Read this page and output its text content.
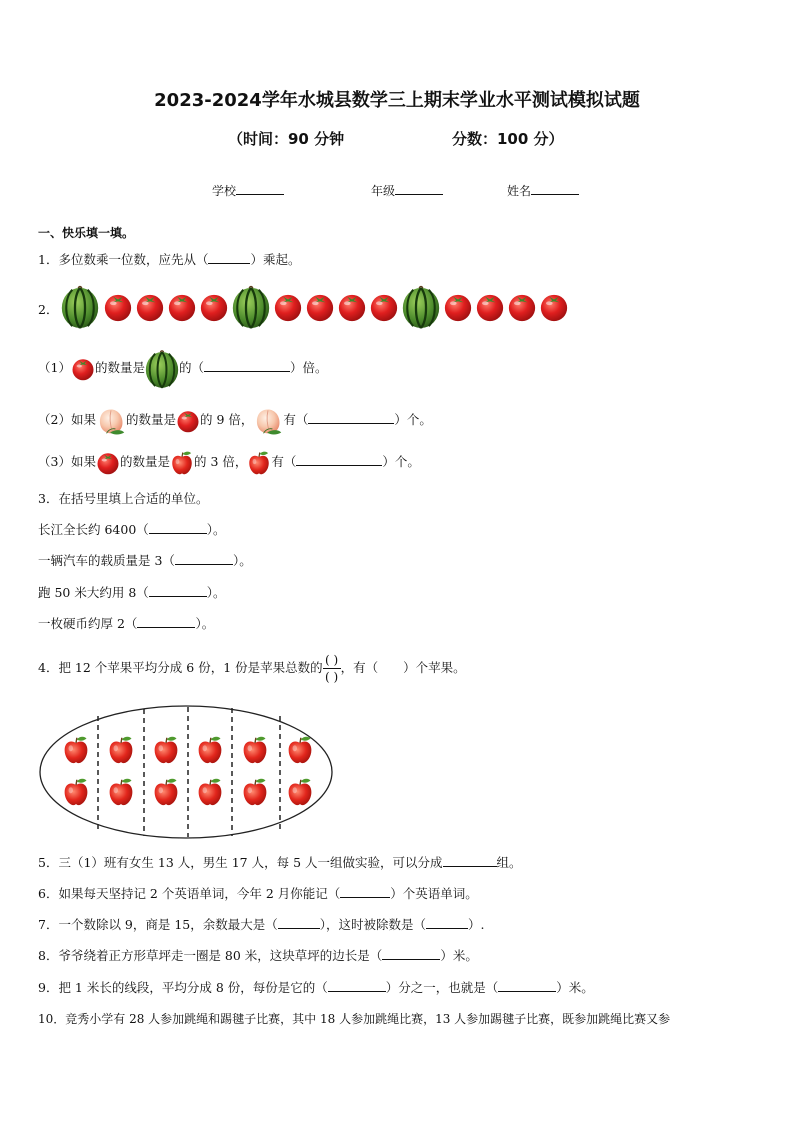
2023-2024学年水城县数学三上期末学业水平测试模拟试题
（时间：90 分钟	分数：100 分）
学校	年级	姓名
一、快乐填一填。
1．多位数乘一位数，应先从（	）乘起。
2．
（1） 的数量是	的（	）倍。
（2）如果 的数量是 的 9 倍， 有（	）个。
（3）如果 的数量是 的 3 倍， 有（	）个。
3．在括号里填上合适的单位。
长江全长约 6400（	）。
一辆汽车的载质量是 3（	）。
跑 50 米大约用 8（	）。
一枚硬币约厚 2（	）。
4．把 12 个苹果平均分成 6 份，1 份是苹果总数的 $\frac{( )}{( )}$ ，有（　　）个苹果。
5．三（1）班有女生 13 人，男生 17 人，每 5 人一组做实验，可以分成	组。
6．如果每天坚持记 2 个英语单词，今年 2 月你能记（	）个英语单词。
7．一个数除以 9，商是 15，余数最大是（	），这时被除数是（	）.
8．爷爷绕着正方形草坪走一圈是 80 米，这块草坪的边长是（	）米。
9．把 1 米长的线段，平均分成 8 份，每份是它的（	）分之一，也就是（	）米。
10．竞秀小学有 28 人参加跳绳和踢毽子比赛，其中 18 人参加跳绳比赛，13 人参加踢毽子比赛，既参加跳绳比赛又参
